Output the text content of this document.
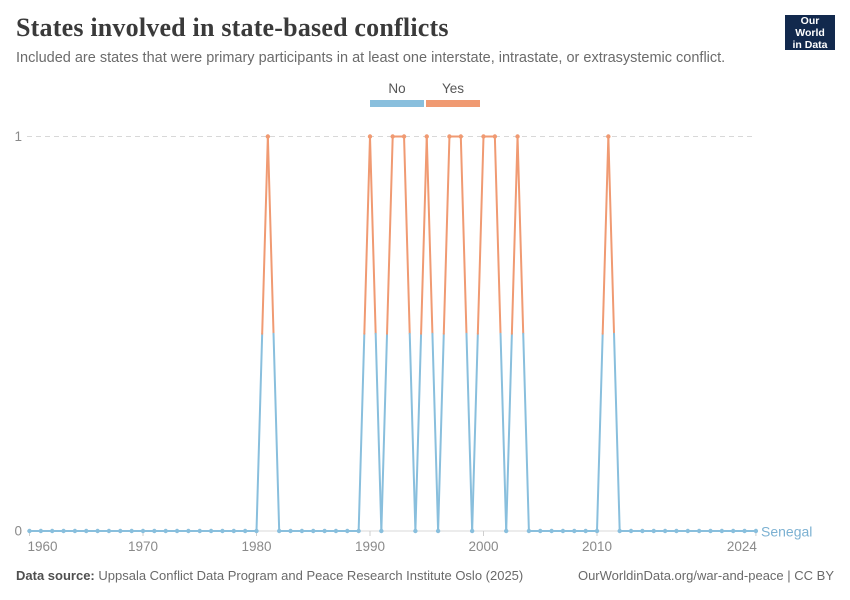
States involved in state-based conflicts

Included are states that were primary participants in at least one interstate, intrastate, or extrasystemic conflict.

Our World
in Data
No	Yes
1960	1970	1980	1990	2000	2010	2024
0
1
Senegal
Data source: Uppsala Conflict Data Program and Peace Research Institute Oslo (2025)	OurWorldinData.org/war-and-peace | CC BY
